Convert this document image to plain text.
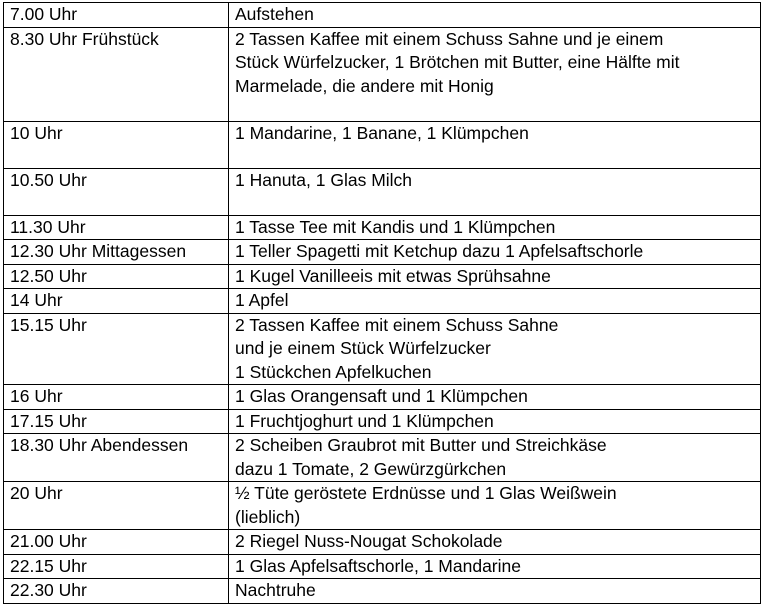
7.00 Uhr	Aufstehen
8.30 Uhr Frühstück	2 Tassen Kaffee mit einem Schuss Sahne und je einem
Stück Würfelzucker, 1 Brötchen mit Butter, eine Hälfte mit
Marmelade, die andere mit Honig
10 Uhr	1 Mandarine, 1 Banane, 1 Klümpchen
10.50 Uhr	1 Hanuta, 1 Glas Milch
11.30 Uhr	1 Tasse Tee mit Kandis und 1 Klümpchen
12.30 Uhr Mittagessen	1 Teller Spagetti mit Ketchup dazu 1 Apfelsaftschorle
12.50 Uhr	1 Kugel Vanilleeis mit etwas Sprühsahne
14 Uhr	1 Apfel
15.15 Uhr	2 Tassen Kaffee mit einem Schuss Sahne
und je einem Stück Würfelzucker
1 Stückchen Apfelkuchen
16 Uhr	1 Glas Orangensaft und 1 Klümpchen
17.15 Uhr	1 Fruchtjoghurt und 1 Klümpchen
18.30 Uhr Abendessen	2 Scheiben Graubrot mit Butter und Streichkäse
dazu 1 Tomate, 2 Gewürzgürkchen
20 Uhr	½ Tüte geröstete Erdnüsse und 1 Glas Weißwein
(lieblich)
21.00 Uhr	2 Riegel Nuss-Nougat Schokolade
22.15 Uhr	1 Glas Apfelsaftschorle, 1 Mandarine
22.30 Uhr	Nachtruhe
